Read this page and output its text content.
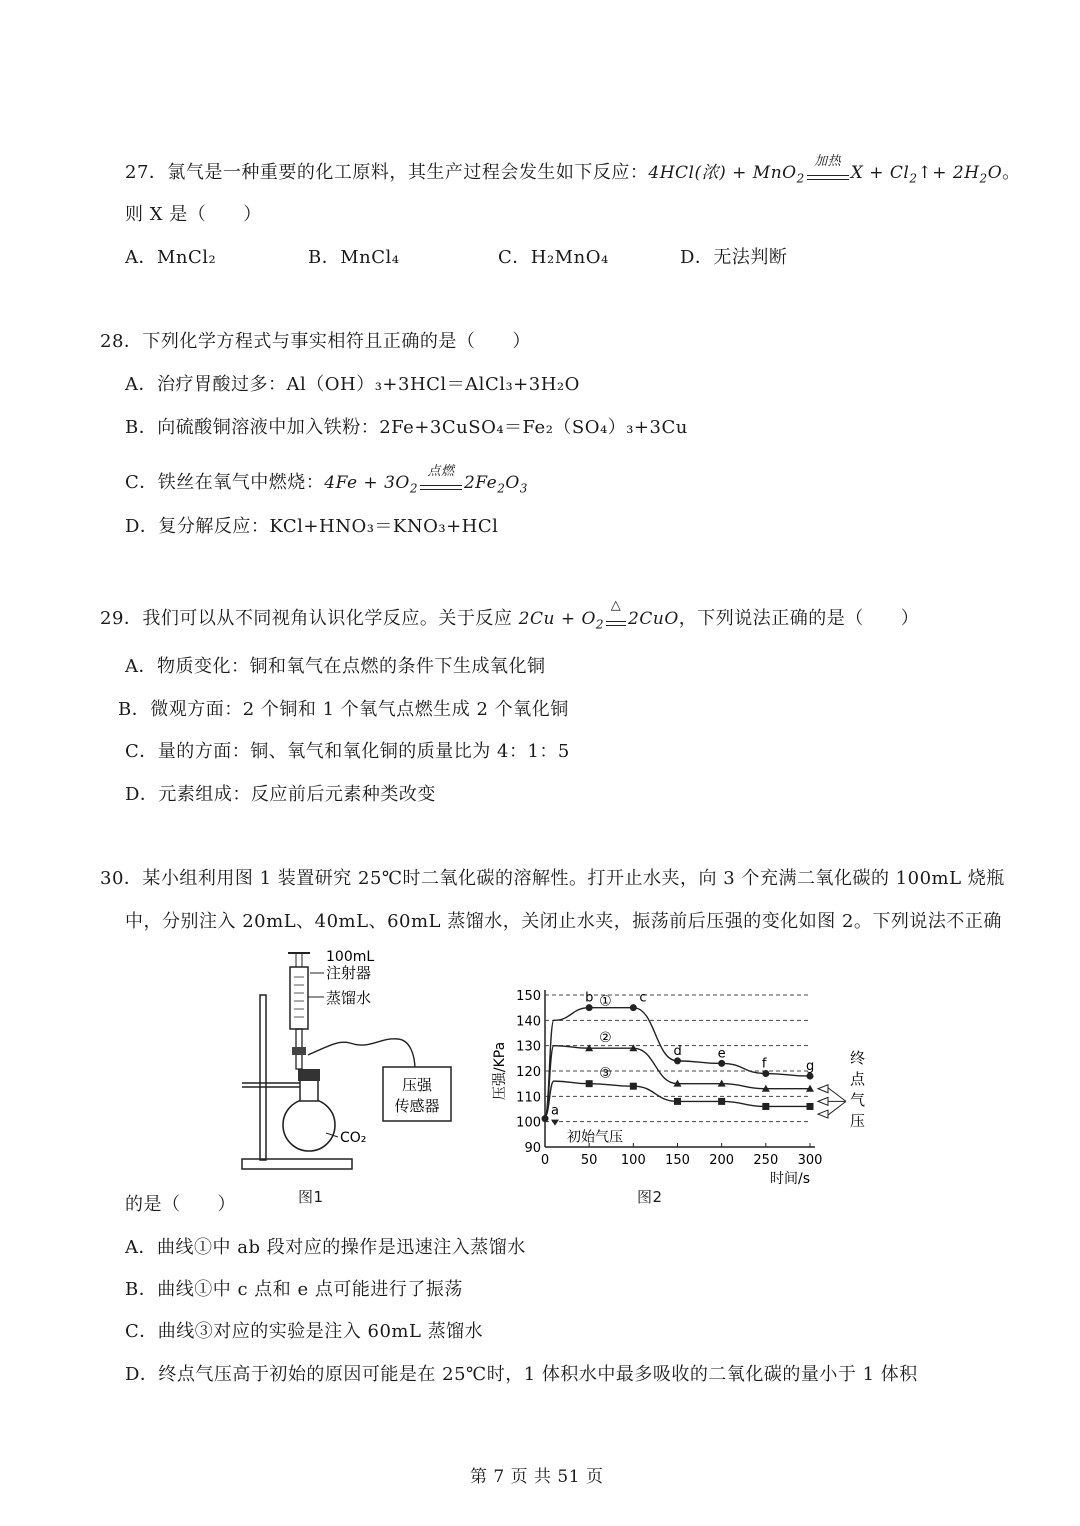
27．氯气是一种重要的化工原料，其生产过程会发生如下反应：4HCl(浓) + MnO$_2$
加热
$X + Cl_2↑+ 2H_2O$。
则 X 是（　　）
A．MnCl₂	B．MnCl₄	C．H₂MnO₄	D．无法判断
28．下列化学方程式与事实相符且正确的是（　　）
A．治疗胃酸过多：Al（OH）₃+3HCl＝AlCl₃+3H₂O
B．向硫酸铜溶液中加入铁粉：2Fe+3CuSO₄＝Fe₂（SO₄）₃+3Cu
C．铁丝在氧气中燃烧：$4Fe + 3O_2$
点燃
$2Fe_2O_3$
D．复分解反应：KCl+HNO₃＝KNO₃+HCl
29．我们可以从不同视角认识化学反应。关于反应 $2Cu + O_2$
△
2CuO，下列说法正确的是（　　）
A．物质变化：铜和氧气在点燃的条件下生成氧化铜
B．微观方面：2 个铜和 1 个氧气点燃生成 2 个氧化铜
C．量的方面：铜、氧气和氧化铜的质量比为 4：1：5
D．元素组成：反应前后元素种类改变
30．某小组利用图 1 装置研究 25℃时二氧化碳的溶解性。打开止水夹，向 3 个充满二氧化碳的 100mL 烧瓶
中，分别注入 20mL、40mL、60mL 蒸馏水，关闭止水夹，振荡前后压强的变化如图 2。下列说法不正确
压强
传感器
100mL
注射器
蒸馏水
CO₂
图1
90
100
110
120
130
140
150
0 50 100 150 200 250 300
压强/KPa
时间/s
①
b	c
d	e
f	g
②
③
a
初始气压
终
点
气
压
图2
的是（　　）
A．曲线①中 ab 段对应的操作是迅速注入蒸馏水
B．曲线①中 c 点和 e 点可能进行了振荡
C．曲线③对应的实验是注入 60mL 蒸馏水
D．终点气压高于初始的原因可能是在 25℃时，1 体积水中最多吸收的二氧化碳的量小于 1 体积
第 7 页 共 51 页
